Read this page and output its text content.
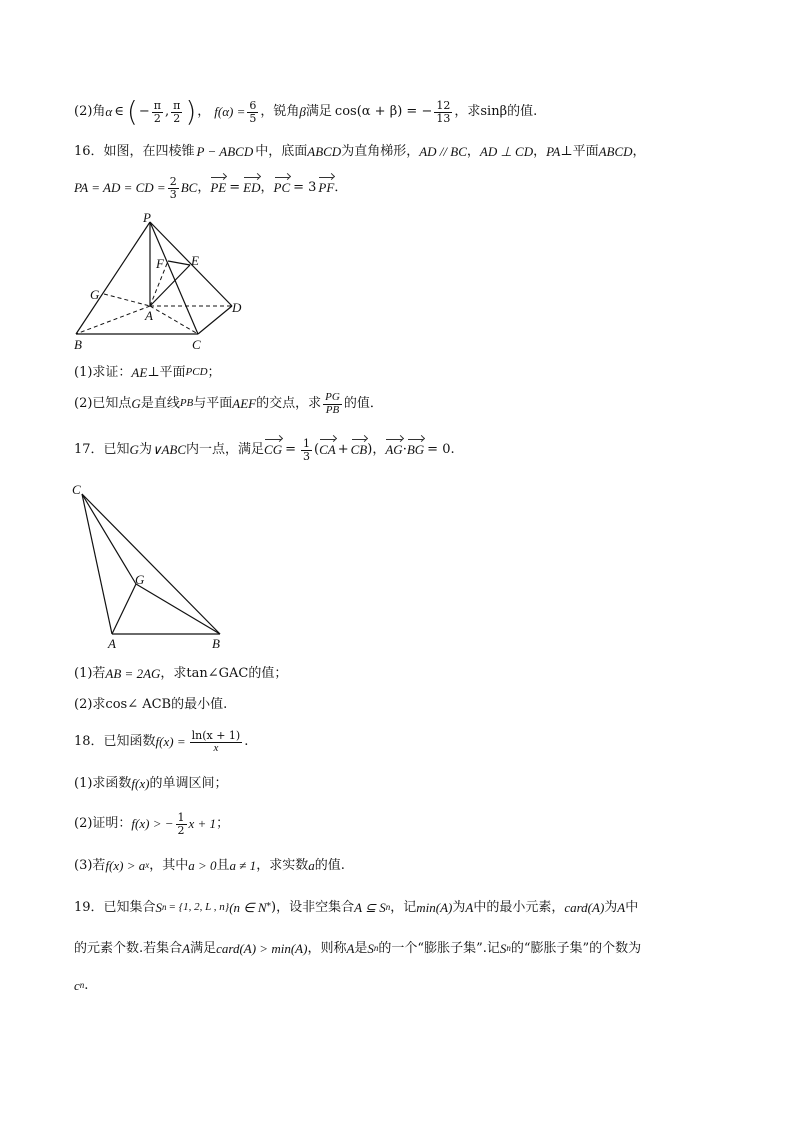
(2)角 α ∈ ( − $\frac{\pi}{2}$ , $\frac{\pi}{2}$ ) ， $f(\alpha) = \frac{6}{5}$ ，锐角 β 满足 cos(α + β) = − $\frac{12}{13}$ ，求 sinβ 的值.
16．如图，在四棱锥 P − ABCD 中，底面 ABCD 为直角梯形， AD // BC ， AD ⊥ CD ， PA ⊥平面 ABCD ，
PA = AD = CD = $\frac{2}{3}$ BC ， PE = ED ， PC = 3 PF ．
P
F E
G
A
D
B	C
(1)求证： AE ⊥平面 PCD ；
(2)已知点 G 是直线 PB 与平面 AEF 的交点，求 $\frac{PG}{PB}$ 的值．
17．已知 G 为 ∨ABC 内一点，满足 CG = $\frac{1}{3}$ ( CA + CB ) ， AG · BG = 0 .
C
G
A	B
(1)若 AB = 2AG ，求 tan∠GAC 的值；
(2)求 cos∠ ACB 的最小值.
18．已知函数 $f(x) = \frac{\ln(x + 1)}{x}$ .
(1)求函数 f(x) 的单调区间；
(2)证明： f(x) > − $\frac{1}{2}$ x + 1 ；
(3)若 f(x) > a x ，其中 a > 0 且 a ≠ 1 ，求实数 a 的值.
19．已知集合 S n = {1, 2, L , n} (n ∈ N * ) ，设非空集合 A ⊆ S n ，记 min(A) 为 A 中的最小元素， card(A) 为 A 中
的元素个数.若集合 A 满足 card(A) > min(A) ，则称 A 是 S n 的一个“膨胀子集”.记 S n 的“膨胀子集”的个数为
c n .
